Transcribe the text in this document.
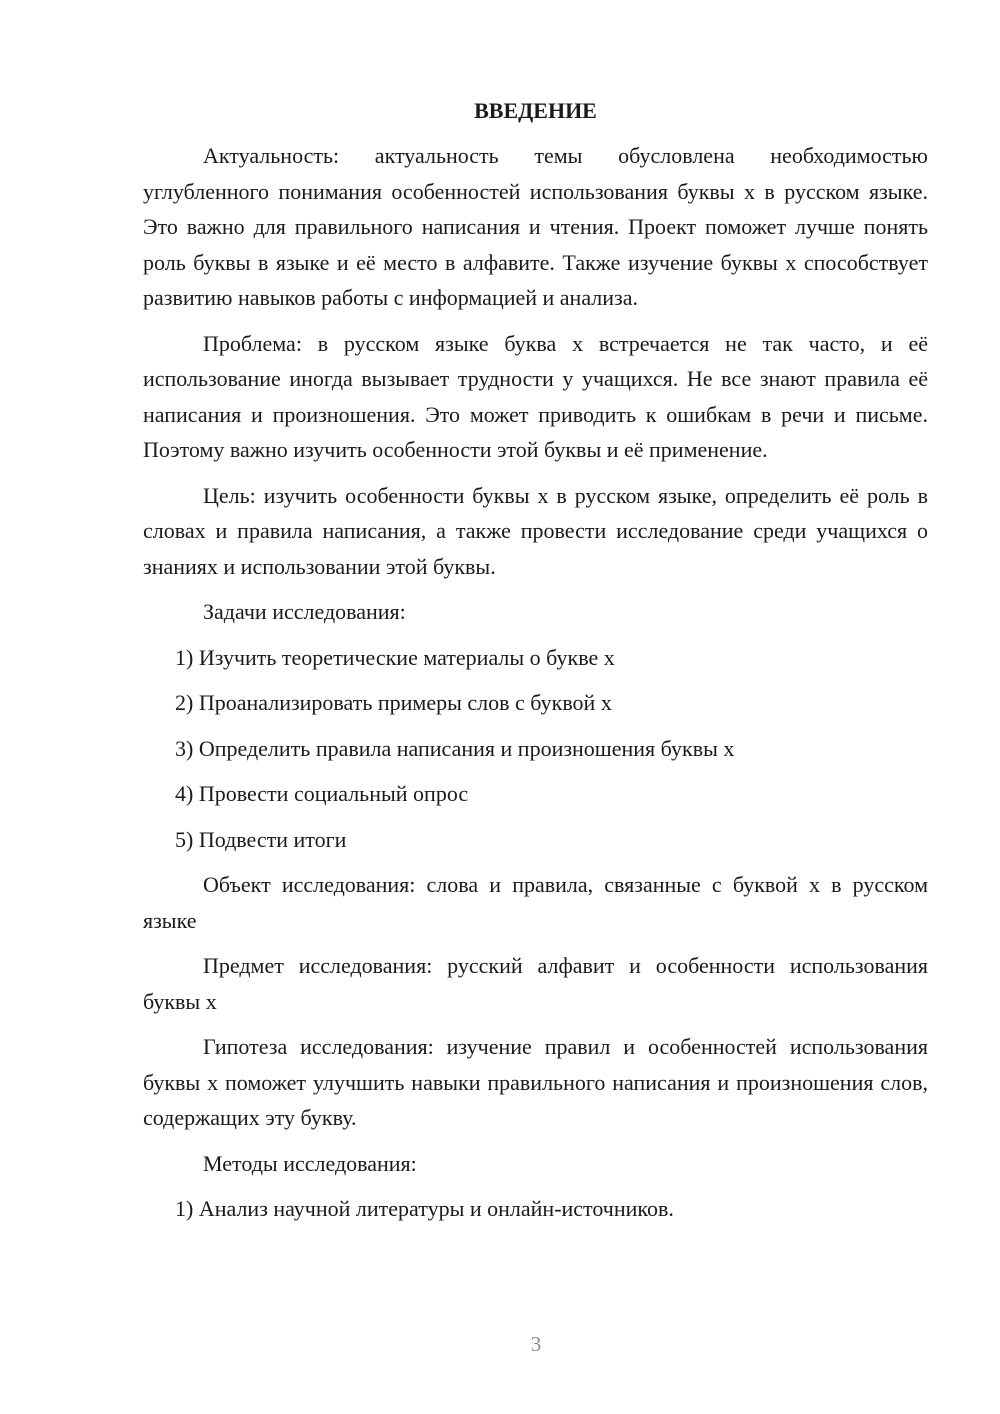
ВВЕДЕНИЕ

Актуальность: актуальность темы обусловлена необходимостью углубленного понимания особенностей использования буквы х в русском языке. Это важно для правильного написания и чтения. Проект поможет лучше понять роль буквы в языке и её место в алфавите. Также изучение буквы х способствует развитию навыков работы с информацией и анализа.

Проблема: в русском языке буква х встречается не так часто, и её использование иногда вызывает трудности у учащихся. Не все знают правила её написания и произношения. Это может приводить к ошибкам в речи и письме. Поэтому важно изучить особенности этой буквы и её применение.

Цель: изучить особенности буквы х в русском языке, определить её роль в словах и правила написания, а также провести исследование среди учащихся о знаниях и использовании этой буквы.

Задачи исследования:

1) Изучить теоретические материалы о букве х
2) Проанализировать примеры слов с буквой х
3) Определить правила написания и произношения буквы х
4) Провести социальный опрос
5) Подвести итоги

Объект исследования: слова и правила, связанные с буквой х в русском языке

Предмет исследования: русский алфавит и особенности использования буквы х

Гипотеза исследования: изучение правил и особенностей использования буквы х поможет улучшить навыки правильного написания и произношения слов, содержащих эту букву.

Методы исследования:

1) Анализ научной литературы и онлайн-источников.
3
